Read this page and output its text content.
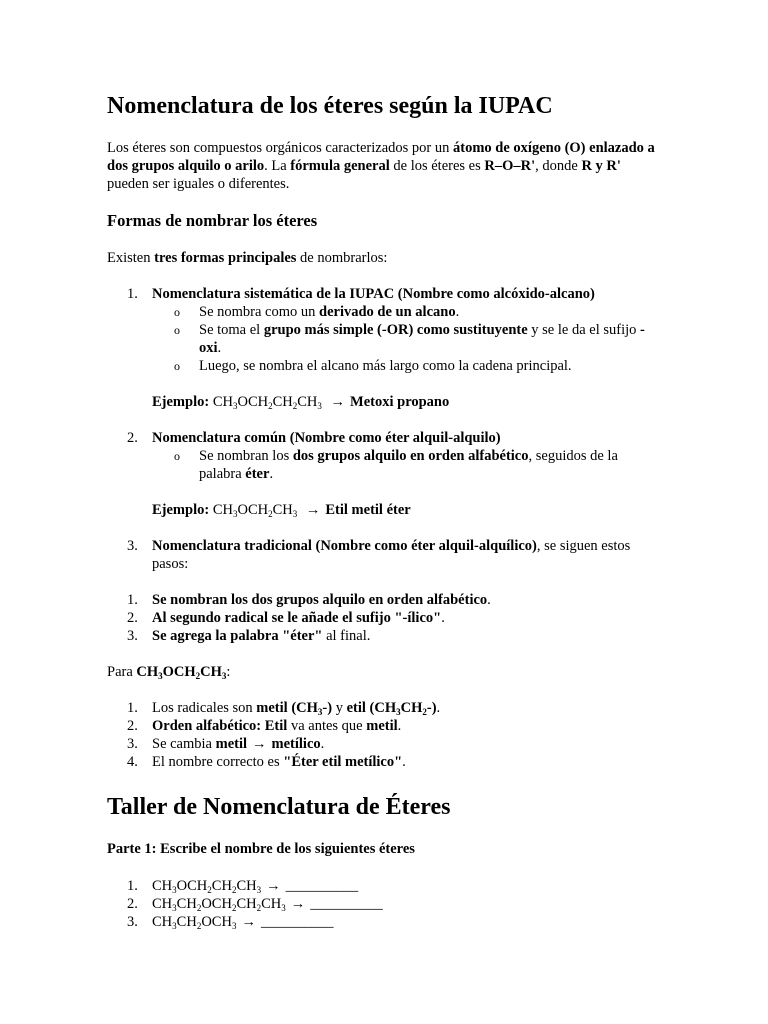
Nomenclatura de los éteres según la IUPAC

Los éteres son compuestos orgánicos caracterizados por un átomo de oxígeno (O) enlazado a dos grupos alquilo o arilo. La fórmula general de los éteres es R–O–R', donde R y R' pueden ser iguales o diferentes.

Formas de nombrar los éteres

Existen tres formas principales de nombrarlos:

1. Nomenclatura sistemática de la IUPAC (Nombre como alcóxido-alcano)
o	Se nombra como un derivado de un alcano.
o	Se toma el grupo más simple (-OR) como sustituyente y se le da el sufijo -oxi.
o	Luego, se nombra el alcano más largo como la cadena principal.
Ejemplo: $CH_3OCH_2CH_2CH_3$ → Metoxi propano
2. Nomenclatura común (Nombre como éter alquil-alquilo)
o	Se nombran los dos grupos alquilo en orden alfabético, seguidos de la palabra éter.
Ejemplo: $CH_3OCH_2CH_3$ → Etil metil éter
3. Nomenclatura tradicional (Nombre como éter alquil-alquílico), se siguen estos pasos:
1. Se nombran los dos grupos alquilo en orden alfabético.
2. Al segundo radical se le añade el sufijo "-ílico".
3. Se agrega la palabra "éter" al final.

Para $CH_3OCH_2CH_3$:

1. Los radicales son metil $(CH_3-)$ y etil $(CH_3CH_2-)$.
2. Orden alfabético: Etil va antes que metil.
3. Se cambia metil → metílico.
4. El nombre correcto es "Éter etil metílico".
Taller de Nomenclatura de Éteres

Parte 1: Escribe el nombre de los siguientes éteres

1. $CH_3OCH_2CH_2CH_3$ → __________
2. $CH_3CH_2OCH_2CH_2CH_3$ → __________
3. $CH_3CH_2OCH_3$ → __________
